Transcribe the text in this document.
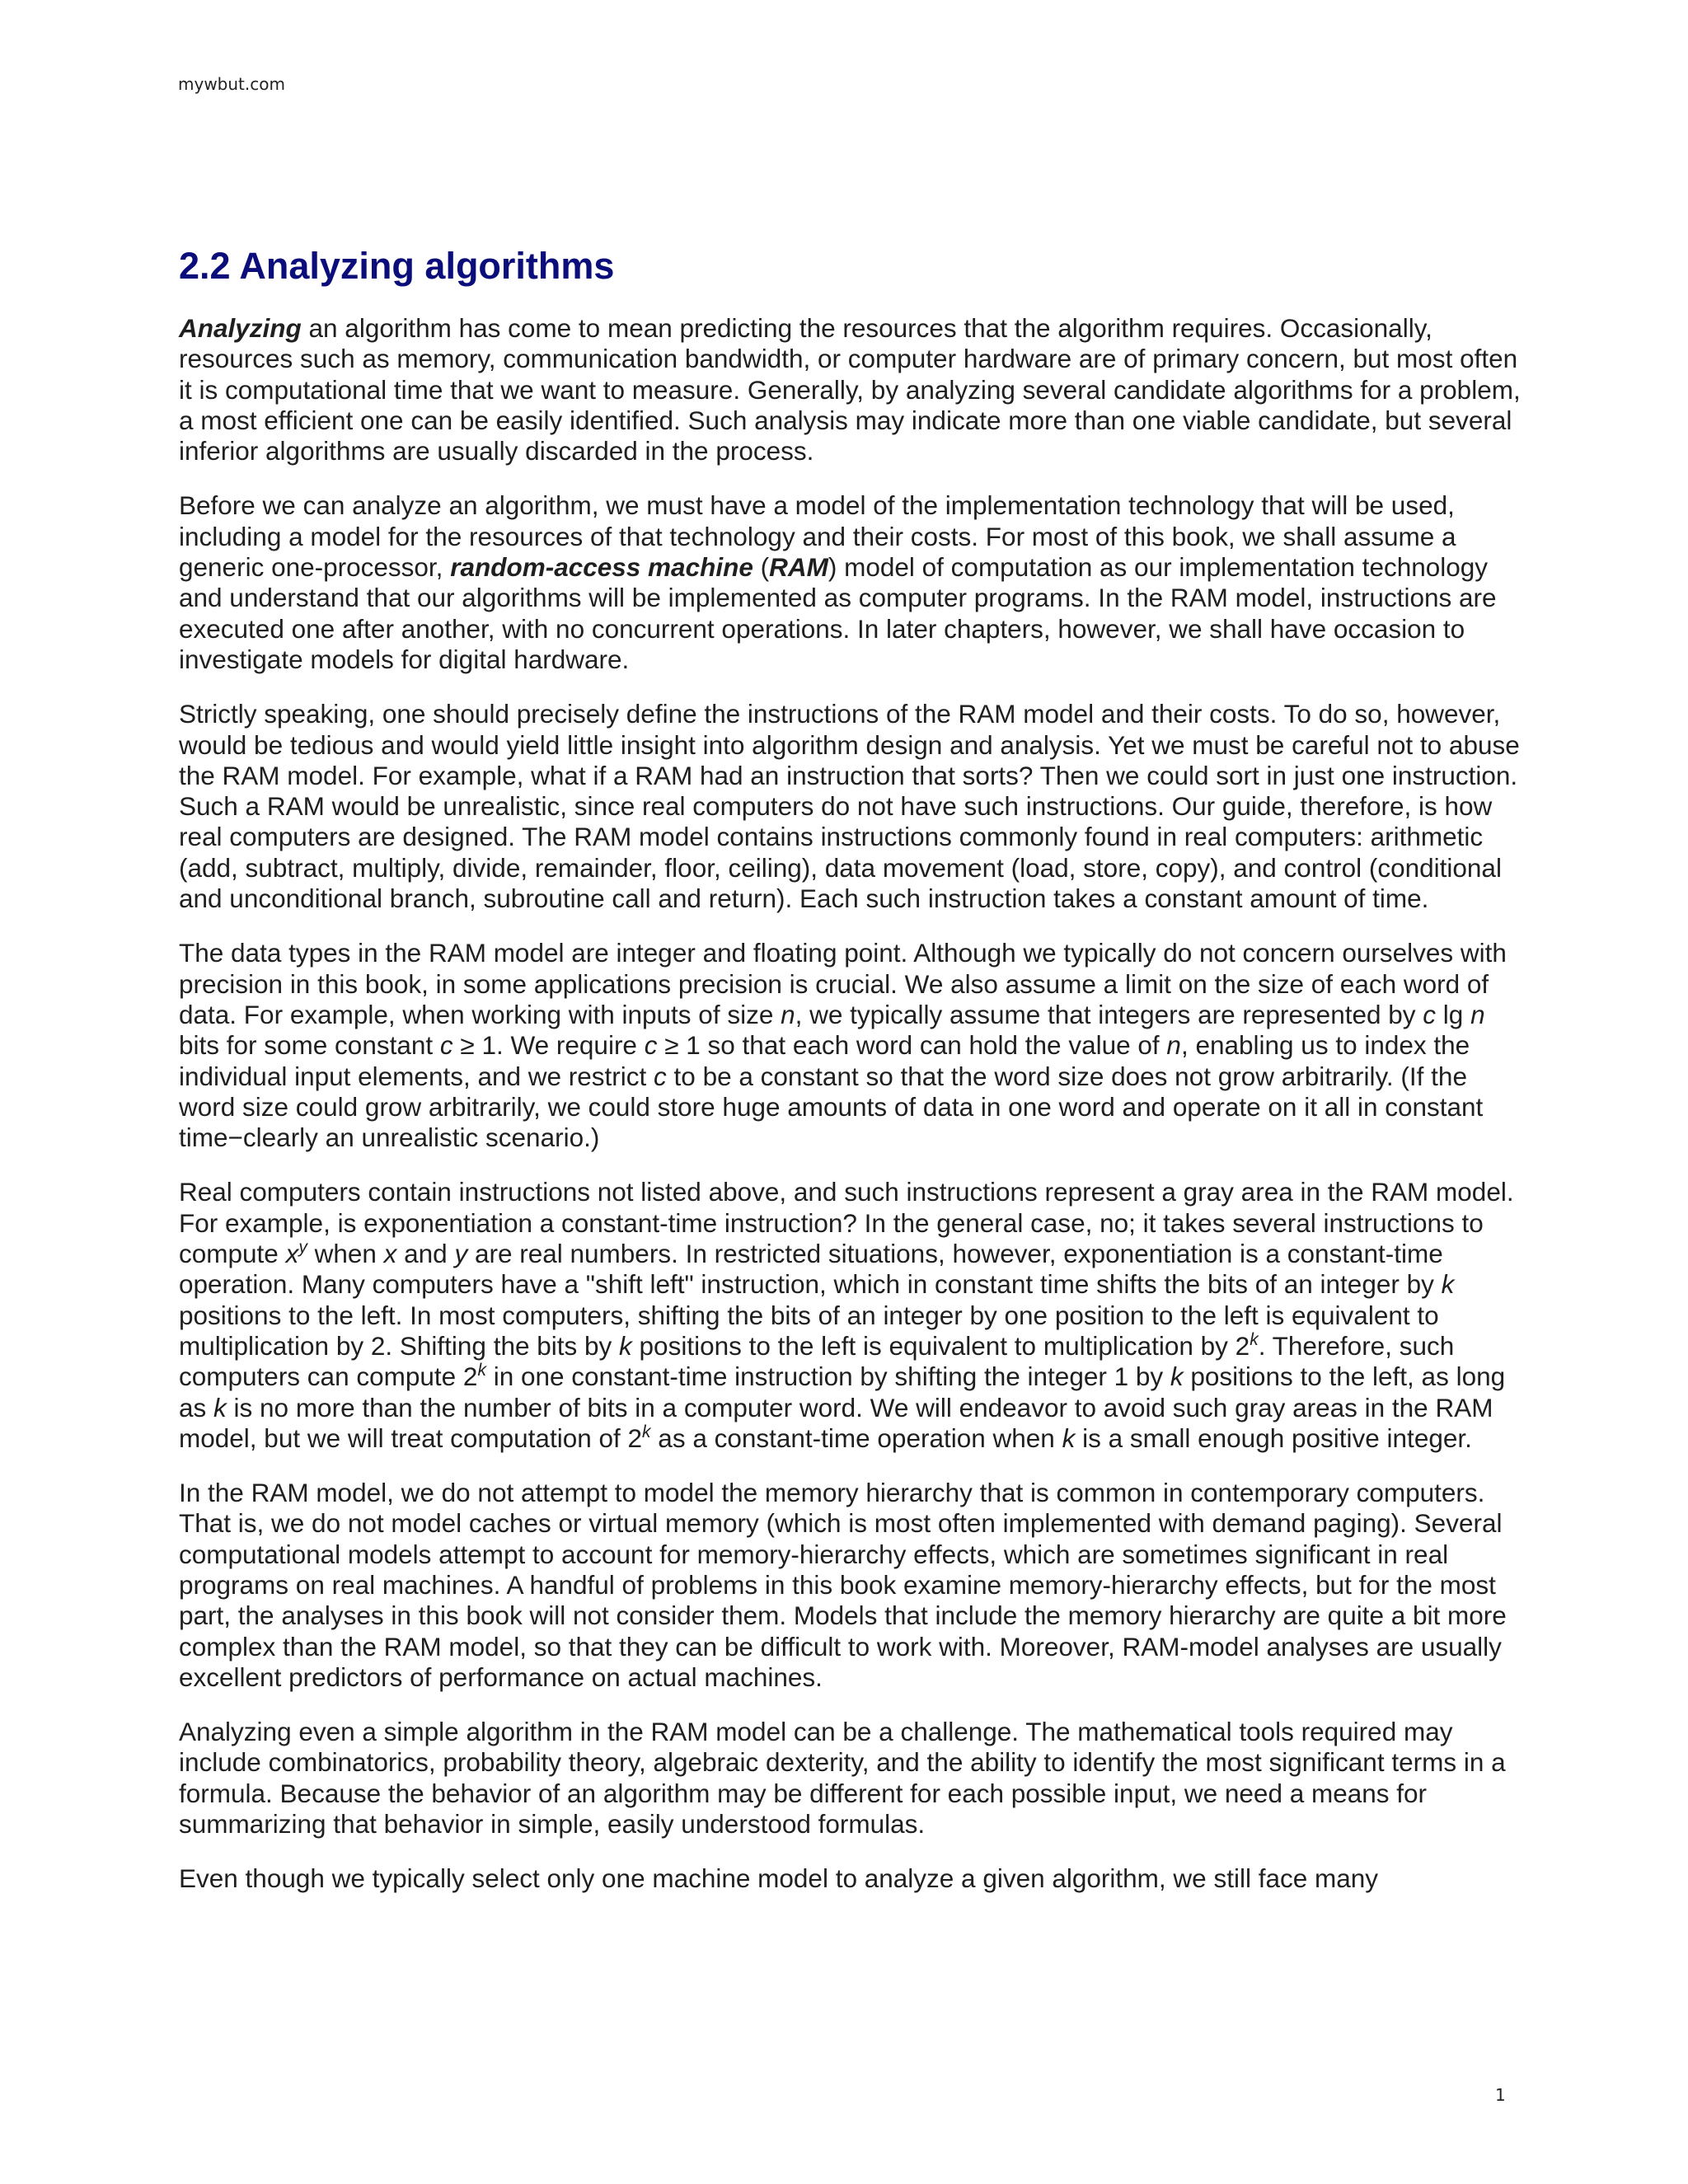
mywbut.com
2.2 Analyzing algorithms

Analyzing an algorithm has come to mean predicting the resources that the algorithm requires. Occasionally, resources such as memory, communication bandwidth, or computer hardware are of primary concern, but most often it is computational time that we want to measure. Generally, by analyzing several candidate algorithms for a problem, a most efficient one can be easily identified. Such analysis may indicate more than one viable candidate, but several inferior algorithms are usually discarded in the process.

Before we can analyze an algorithm, we must have a model of the implementation technology that will be used, including a model for the resources of that technology and their costs. For most of this book, we shall assume a generic one-processor, random-access machine (RAM) model of computation as our implementation technology and understand that our algorithms will be implemented as computer programs. In the RAM model, instructions are executed one after another, with no concurrent operations. In later chapters, however, we shall have occasion to investigate models for digital hardware.

Strictly speaking, one should precisely define the instructions of the RAM model and their costs. To do so, however, would be tedious and would yield little insight into algorithm design and analysis. Yet we must be careful not to abuse the RAM model. For example, what if a RAM had an instruction that sorts? Then we could sort in just one instruction. Such a RAM would be unrealistic, since real computers do not have such instructions. Our guide, therefore, is how real computers are designed. The RAM model contains instructions commonly found in real computers: arithmetic (add, subtract, multiply, divide, remainder, floor, ceiling), data movement (load, store, copy), and control (conditional and unconditional branch, subroutine call and return). Each such instruction takes a constant amount of time.

The data types in the RAM model are integer and floating point. Although we typically do not concern ourselves with precision in this book, in some applications precision is crucial. We also assume a limit on the size of each word of data. For example, when working with inputs of size n, we typically assume that integers are represented by c lg n bits for some constant c ≥ 1. We require c ≥ 1 so that each word can hold the value of n, enabling us to index the individual input elements, and we restrict c to be a constant so that the word size does not grow arbitrarily. (If the word size could grow arbitrarily, we could store huge amounts of data in one word and operate on it all in constant time−clearly an unrealistic scenario.)

Real computers contain instructions not listed above, and such instructions represent a gray area in the RAM model. For example, is exponentiation a constant-time instruction? In the general case, no; it takes several instructions to compute $x^y$ when x and y are real numbers. In restricted situations, however, exponentiation is a constant-time operation. Many computers have a "shift left" instruction, which in constant time shifts the bits of an integer by k positions to the left. In most computers, shifting the bits of an integer by one position to the left is equivalent to multiplication by 2. Shifting the bits by k positions to the left is equivalent to multiplication by 2$^k$. Therefore, such computers can compute 2$^k$ in one constant-time instruction by shifting the integer 1 by k positions to the left, as long as k is no more than the number of bits in a computer word. We will endeavor to avoid such gray areas in the RAM model, but we will treat computation of 2$^k$ as a constant-time operation when k is a small enough positive integer.

In the RAM model, we do not attempt to model the memory hierarchy that is common in contemporary computers. That is, we do not model caches or virtual memory (which is most often implemented with demand paging). Several computational models attempt to account for memory-hierarchy effects, which are sometimes significant in real programs on real machines. A handful of problems in this book examine memory-hierarchy effects, but for the most part, the analyses in this book will not consider them. Models that include the memory hierarchy are quite a bit more complex than the RAM model, so that they can be difficult to work with. Moreover, RAM-model analyses are usually excellent predictors of performance on actual machines.

Analyzing even a simple algorithm in the RAM model can be a challenge. The mathematical tools required may include combinatorics, probability theory, algebraic dexterity, and the ability to identify the most significant terms in a formula. Because the behavior of an algorithm may be different for each possible input, we need a means for summarizing that behavior in simple, easily understood formulas.

Even though we typically select only one machine model to analyze a given algorithm, we still face many

1
